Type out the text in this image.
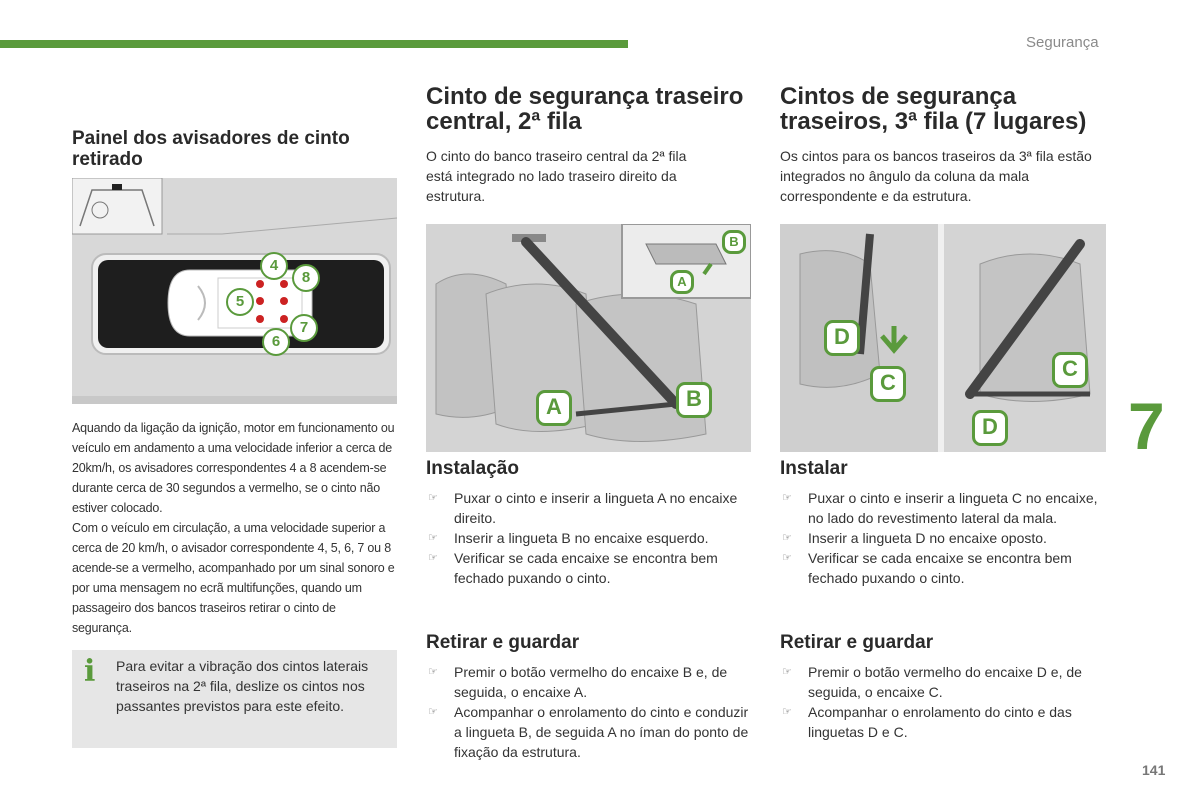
Segurança
Painel dos avisadores de cinto retirado
4
8
5
7
6

Aquando da ligação da ignição, motor em funcionamento ou veículo em andamento a uma velocidade inferior a cerca de 20km/h, os avisadores correspondentes 4 a 8 acendem-se durante cerca de 30 segundos a vermelho, se o cinto não estiver colocado.

Com o veículo em circulação, a uma velocidade superior a cerca de 20 km/h, o avisador correspondente 4, 5, 6, 7 ou 8 acende-se a vermelho, acompanhado por um sinal sonoro e por uma mensagem no ecrã multifunções, quando um passageiro dos bancos traseiros retirar o cinto de segurança.

i Para evitar a vibração dos cintos laterais traseiros na 2ª fila, deslize os cintos nos passantes previstos para este efeito.

Cinto de segurança traseiro central, 2ª fila

O cinto do banco traseiro central da 2ª fila está integrado no lado traseiro direito da estrutura.

A	B
B
A
Instalação
☞ Puxar o cinto e inserir a lingueta A no encaixe direito.
☞ Inserir a lingueta B no encaixe esquerdo.
☞ Verificar se cada encaixe se encontra bem fechado puxando o cinto.
Retirar e guardar
☞ Premir o botão vermelho do encaixe B e, de seguida, o encaixe A.
☞ Acompanhar o enrolamento do cinto e conduzir a lingueta B, de seguida A no íman do ponto de fixação da estrutura.
Cintos de segurança traseiros, 3ª fila (7 lugares)

Os cintos para os bancos traseiros da 3ª fila estão integrados no ângulo da coluna da mala correspondente e da estrutura.

D
C
C
D
Instalar
☞ Puxar o cinto e inserir a lingueta C no encaixe, no lado do revestimento lateral da mala.
☞ Inserir a lingueta D no encaixe oposto.
☞ Verificar se cada encaixe se encontra bem fechado puxando o cinto.
Retirar e guardar
☞ Premir o botão vermelho do encaixe D e, de seguida, o encaixe C.
☞ Acompanhar o enrolamento do cinto e das linguetas D e C.
7
141
